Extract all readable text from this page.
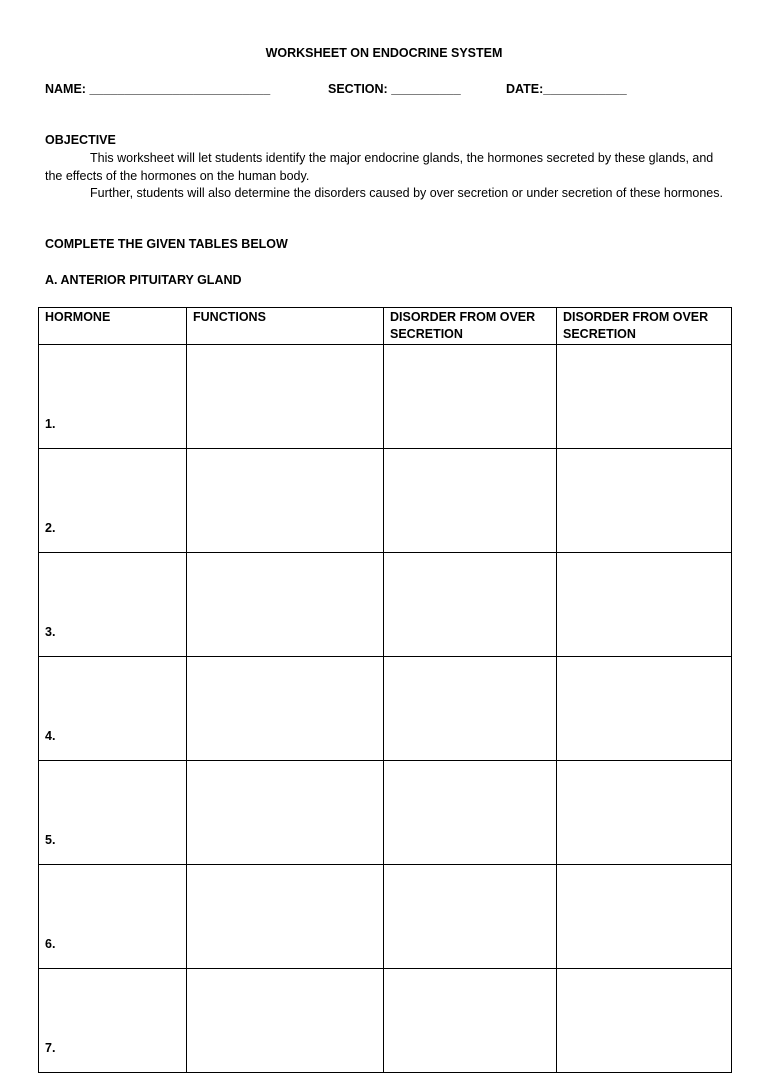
WORKSHEET ON ENDOCRINE SYSTEM
NAME: __________________________	SECTION: __________	DATE:____________
OBJECTIVE
This worksheet will let students identify the major endocrine glands, the hormones secreted by these glands, and the effects of the hormones on the human body.
Further, students will also determine the disorders caused by over secretion or under secretion of these hormones.
COMPLETE THE GIVEN TABLES BELOW
A. ANTERIOR PITUITARY GLAND
HORMONE	FUNCTIONS	DISORDER FROM OVER SECRETION	DISORDER FROM OVER SECRETION
1.			
2.			
3.			
4.			
5.			
6.			
7.			
